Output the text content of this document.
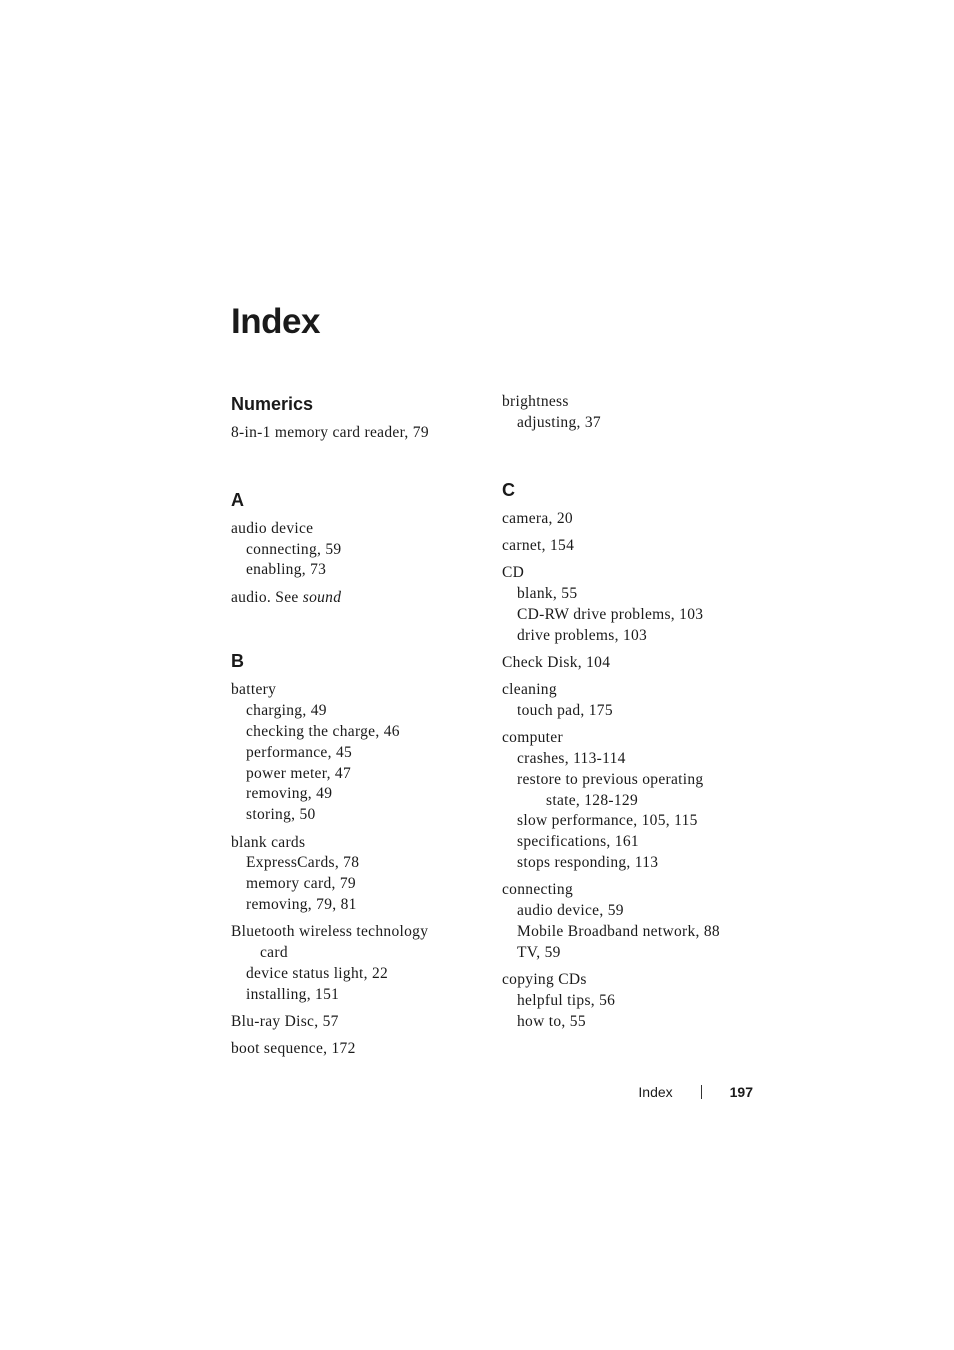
Index
Numerics
8-in-1 memory card reader, 79
A
audio device
connecting, 59
enabling, 73
audio. See sound
B
battery
charging, 49
checking the charge, 46
performance, 45
power meter, 47
removing, 49
storing, 50
blank cards
ExpressCards, 78
memory card, 79
removing, 79, 81
Bluetooth wireless technology
card
device status light, 22
installing, 151
Blu-ray Disc, 57
boot sequence, 172
brightness
adjusting, 37
C
camera, 20
carnet, 154
CD
blank, 55
CD-RW drive problems, 103
drive problems, 103
Check Disk, 104
cleaning
touch pad, 175
computer
crashes, 113-114
restore to previous operating
state, 128-129
slow performance, 105, 115
specifications, 161
stops responding, 113
connecting
audio device, 59
Mobile Broadband network, 88
TV, 59
copying CDs
helpful tips, 56
how to, 55
Index	197
